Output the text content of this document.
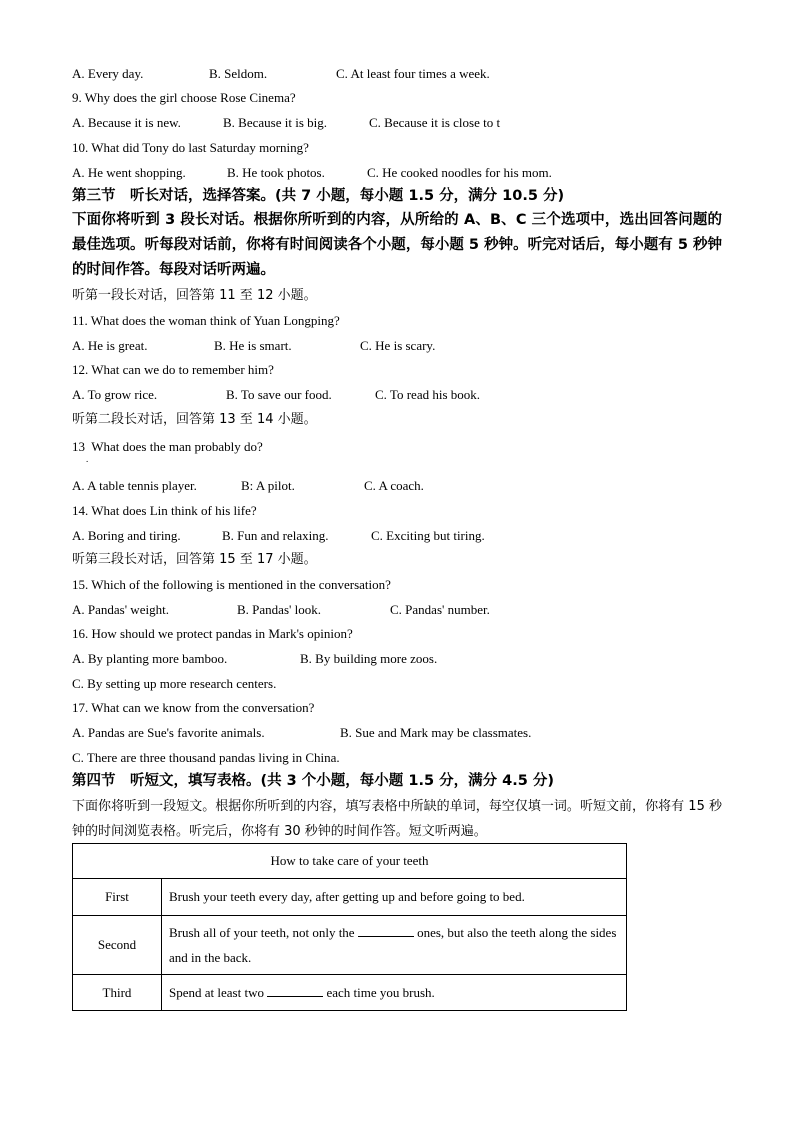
A. Every day.	B. Seldom.	C. At least four times a week.
9. Why does the girl choose Rose Cinema?
A. Because it is new.	B. Because it is big.	C. Because it is close to t
10. What did Tony do last Saturday morning?
A. He went shopping.	B. He took photos.	C. He cooked noodles for his mom.
第三节　听长对话，选择答案。(共 7 小题，每小题 1.5 分，满分 10.5 分)
下面你将听到 3 段长对话。根据你所听到的内容，从所给的 A、B、C 三个选项中，选出回答问题的最佳选项。听每段对话前，你将有时间阅读各个小题，每小题 5 秒钟。听完对话后，每小题有 5 秒钟的时间作答。每段对话听两遍。
听第一段长对话，回答第 11 至 12 小题。
11. What does the woman think of Yuan Longping?
A. He is great.	B. He is smart.	C. He is scary.
12. What can we do to remember him?
A. To grow rice.	B. To save our food.	C. To read his book.
听第二段长对话，回答第 13 至 14 小题。
13  What does the man probably do?
.
A. A table tennis player.	B: A pilot.	C. A coach.
14. What does Lin think of his life?
A. Boring and tiring.	B. Fun and relaxing.	C. Exciting but tiring.
听第三段长对话，回答第 15 至 17 小题。
15. Which of the following is mentioned in the conversation?
A. Pandas' weight.	B. Pandas' look.	C. Pandas' number.
16. How should we protect pandas in Mark's opinion?
A. By planting more bamboo.	B. By building more zoos.
C. By setting up more research centers.
17. What can we know from the conversation?
A. Pandas are Sue's favorite animals.	B. Sue and Mark may be classmates.
C. There are three thousand pandas living in China.
第四节　听短文，填写表格。(共 3 个小题，每小题 1.5 分，满分 4.5 分)
下面你将听到一段短文。根据你所听到的内容，填写表格中所缺的单词，每空仅填一词。听短文前，你将有 15 秒钟的时间浏览表格。听完后，你将有 30 秒钟的时间作答。短文听两遍。
How to take care of your teeth	
First	Brush your teeth every day, after getting up and before going to bed.
Second	Brush all of your teeth, not only the ones, but also the teeth along the sides and in the back.
Third	Spend at least two each time you brush.
